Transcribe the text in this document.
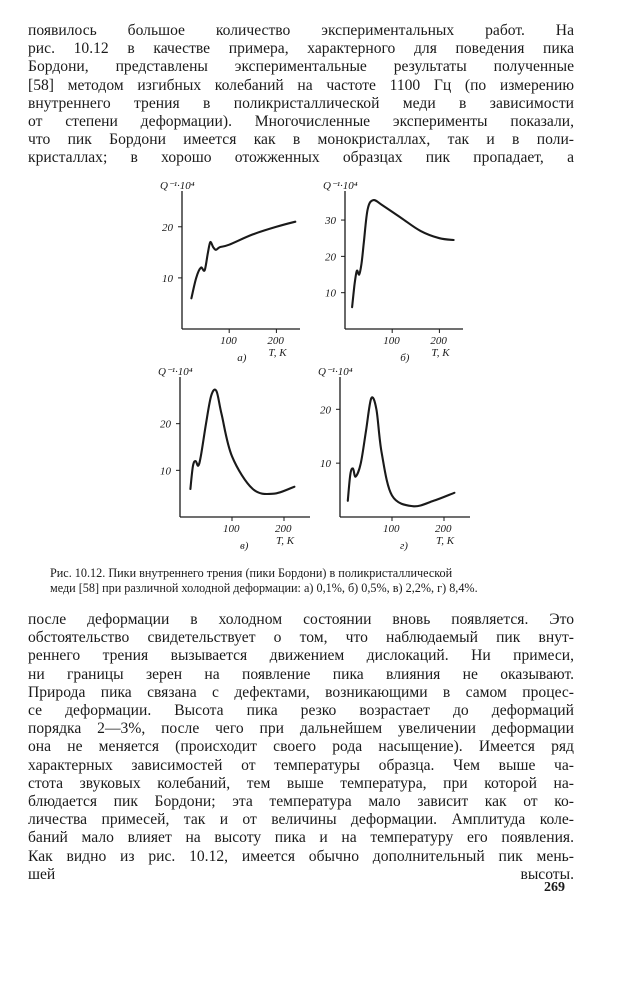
появилось большое количество экспериментальных работ. На
рис. 10.12 в качестве примера, характерного для поведения пика
Бордони, представлены экспериментальные результаты полученные
[58] методом изгибных колебаний на частоте 1100 Гц (по измерению
внутреннего трения в поликристаллической меди в зависимости
от степени деформации). Многочисленные эксперименты показали,
что пик Бордони имеется как в монокристаллах, так и в поли-
кристаллах; в хорошо отожженных образцах пик пропадает, а
Q⁻¹·10⁴
20
10
100	200
T, K
а)
Q⁻¹·10⁴
30
20
10
100	200
T, K
б)
Q⁻¹·10⁴
20
10
100	200
T, K
в)
Q⁻¹·10⁴
20
10
100	200
T, K
г)
Рис. 10.12. Пики внутреннего трения (пики Бордони) в поликристаллической
меди [58] при различной холодной деформации: а) 0,1%, б) 0,5%, в) 2,2%, г) 8,4%.
после деформации в холодном состоянии вновь появляется. Это
обстоятельство свидетельствует о том, что наблюдаемый пик внут-
реннего трения вызывается движением дислокаций. Ни примеси,
ни границы зерен на появление пика влияния не оказывают.
Природа пика связана с дефектами, возникающими в самом процес-
се деформации. Высота пика резко возрастает до деформаций
порядка 2—3%, после чего при дальнейшем увеличении деформации
она не меняется (происходит своего рода насыщение). Имеется ряд
характерных зависимостей от температуры образца. Чем выше ча-
стота звуковых колебаний, тем выше температура, при которой на-
блюдается пик Бордони; эта температура мало зависит как от ко-
личества примесей, так и от величины деформации. Амплитуда коле-
баний мало влияет на высоту пика и на температуру его появления.
Как видно из рис. 10.12, имеется обычно дополнительный пик мень-
шей высоты.
269
